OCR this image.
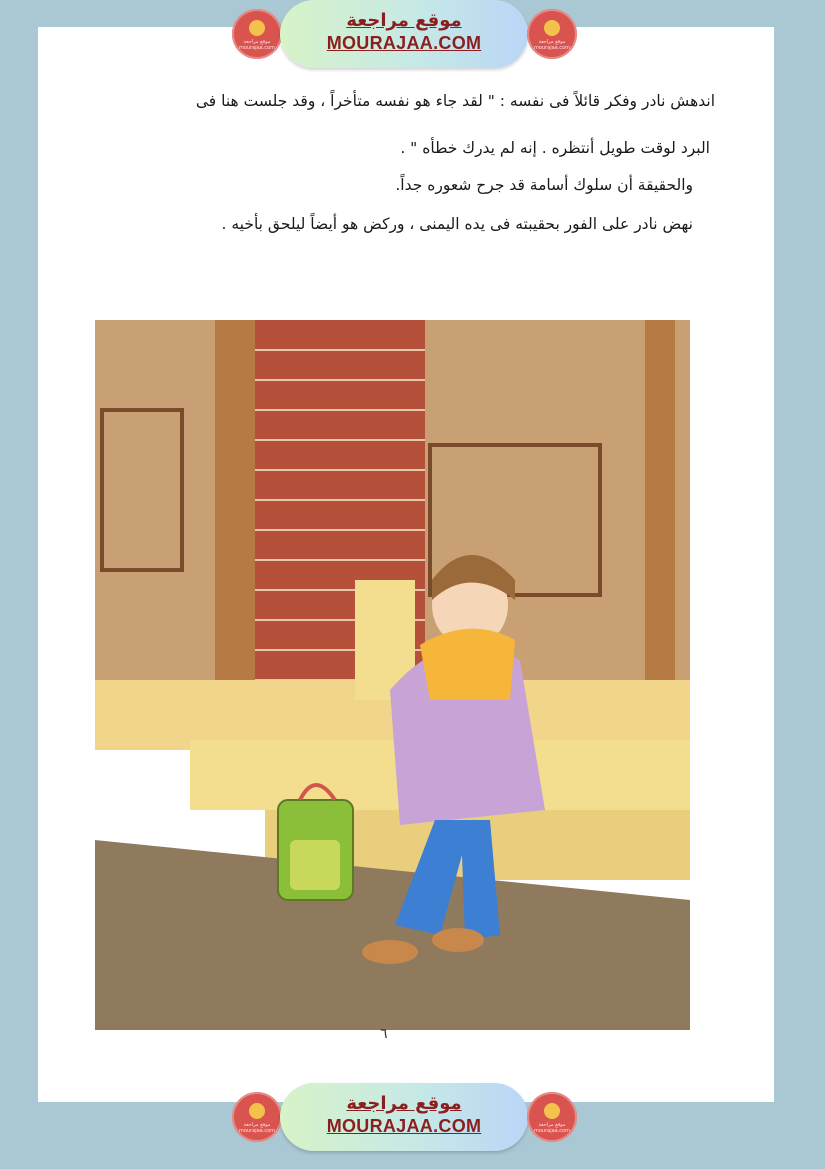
موقع مراجعة
mourajaa.com
موقع مراجعة
MOURAJAA.COM	موقع مراجعة
mourajaa.com
اندهش نادر وفكر قائلاً فى نفسه : " لقد جاء هو نفسه متأخراً ، وقد جلست هنا فى
البرد لوقت طويل أنتظره . إنه لم يدرك خطأه " .
والحقيقة أن سلوك أسامة قد جرح شعوره جداً.
نهض نادر على الفور بحقيبته فى يده اليمنى ، وركض هو أيضاً ليلحق بأخيه .
٦
موقع مراجعة
mourajaa.com
موقع مراجعة
MOURAJAA.COM	موقع مراجعة
mourajaa.com
